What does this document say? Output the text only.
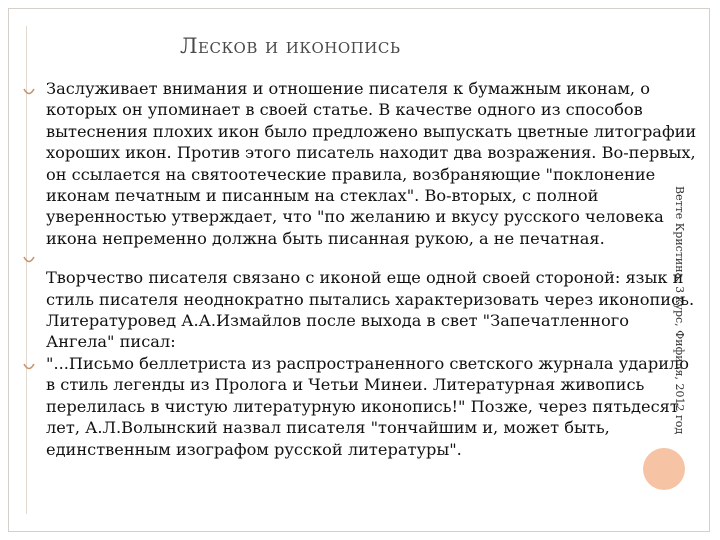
Лесков и иконопись

Заслуживает внимания и отношение писателя к бумажным иконам, о которых он упоминает в своей статье. В качестве одного из способов вытеснения плохих икон было предложено выпускать цветные литографии хороших икон. Против этого писатель находит два возражения. Во-первых, он ссылается на святоотеческие правила, возбраняющие "поклонение иконам печатным и писанным на стеклах". Во-вторых, с полной уверенностью утверждает, что "по желанию и вкусу русского человека икона непременно должна быть писанная рукою, а не печатная.

Творчество писателя связано с иконой еще одной своей стороной: язык и стиль писателя неоднократно пытались характеризовать через иконопись. Литературовед А.А.Измайлов после выхода в свет "Запечатленного Ангела" писал:

"...Письмо беллетриста из распространенного светского журнала ударило в стиль легенды из Пролога и Четьи Минеи. Литературная живопись перелилась в чистую литературную иконопись!" Позже, через пятьдесят лет, А.Л.Волынский назвал писателя "тончайшим и, может быть, единственным изографом русской литературы".

Ветте Кристина, 3 курс, Фифиля, 2012 год
